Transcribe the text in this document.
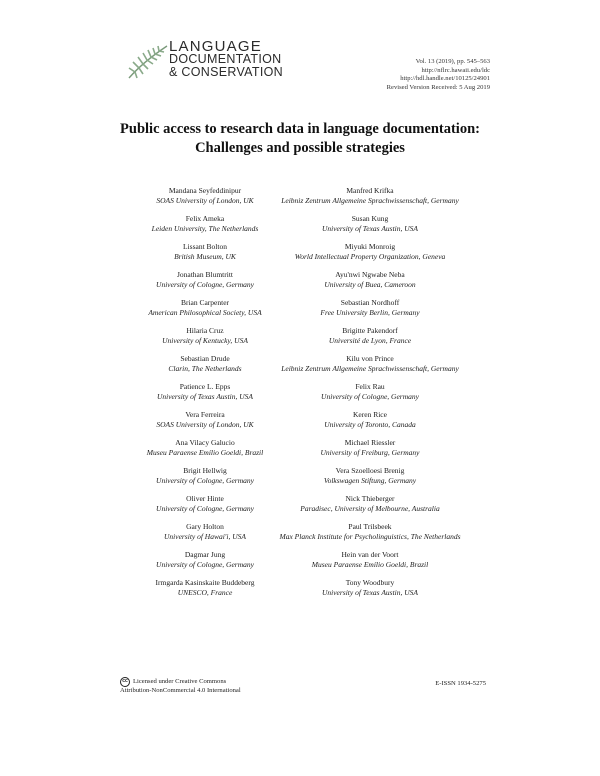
LANGUAGE
DOCUMENTATION
& CONSERVATION
Vol. 13 (2019), pp. 545–563
http://nflrc.hawaii.edu/ldc
http://hdl.handle.net/10125/24901
Revised Version Received: 5 Aug 2019
Public access to research data in language documentation:
Challenges and possible strategies
Mandana Seyfeddinipur
SOAS University of London, UK
Felix Ameka
Leiden University, The Netherlands
Lissant Bolton
British Museum, UK
Jonathan Blumtritt
University of Cologne, Germany
Brian Carpenter
American Philosophical Society, USA
Hilaria Cruz
University of Kentucky, USA
Sebastian Drude
Clarin, The Netherlands
Patience L. Epps
University of Texas Austin, USA
Vera Ferreira
SOAS University of London, UK
Ana Vilacy Galucio
Museu Paraense Emílio Goeldi, Brazil
Brigit Hellwig
University of Cologne, Germany
Oliver Hinte
University of Cologne, Germany
Gary Holton
University of Hawai'i, USA
Dagmar Jung
University of Cologne, Germany
Irmgarda Kasinskaite Buddeberg
UNESCO, France
Manfred Krifka
Leibniz Zentrum Allgemeine Sprachwissenschaft, Germany
Susan Kung
University of Texas Austin, USA
Miyuki Monroig
World Intellectual Property Organization, Geneva
Ayu'nwi Ngwabe Neba
University of Buea, Cameroon
Sebastian Nordhoff
Free University Berlin, Germany
Brigitte Pakendorf
Université de Lyon, France
Kilu von Prince
Leibniz Zentrum Allgemeine Sprachwissenschaft, Germany
Felix Rau
University of Cologne, Germany
Keren Rice
University of Toronto, Canada
Michael Riessler
University of Freiburg, Germany
Vera Szoelloesi Brenig
Volkswagen Stiftung, Germany
Nick Thieberger
Paradisec, University of Melbourne, Australia
Paul Trilsbeek
Max Planck Institute for Psycholinguistics, The Netherlands
Hein van der Voort
Museu Paraense Emílio Goeldi, Brazil
Tony Woodbury
University of Texas Austin, USA
cc Licensed under Creative Commons
Attribution-NonCommercial 4.0 International
E-ISSN 1934-5275
